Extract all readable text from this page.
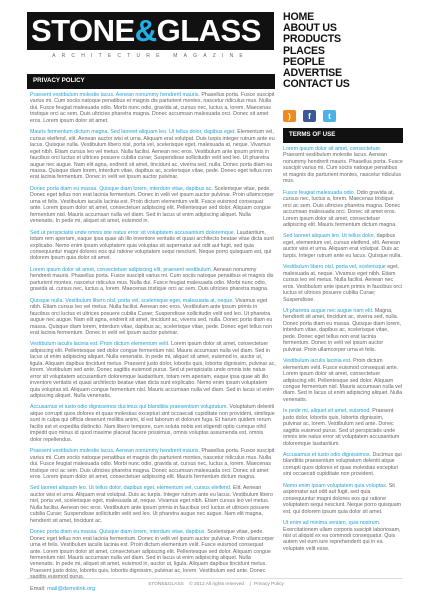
STONE&GLASS
ARCHITECTURE MAGAZINE
HOME
ABOUT US
PRODUCTS
PLACES
PEOPLE
ADVERTISE
CONTACT US
)	f	t
PRIVACY POLICY
TERMS OF USE

Praesent vestibulum molestie lacus. Aenean nonummy hendrerit mauris. Phasellus porta. Fusce suscipit varius mi. Cum sociis natoque penatibus et magnis dis parturient montes, nascetur ridiculus mus. Nulla dui. Fusce feugiat malesuada odio. Morbi nunc odio, gravida at, cursus nec, luctus a, lorem. Maecenas tristique orci ac sem. Duis ultricies pharetra magna. Donec accumsan malesuada orci. Donec sit amet eros. Lorem ipsum dolor sit amet.

Mauris fermentum dictum magna. Sed laoreet aliquam leo. Ut tellus dolor, dapibus eget. Elementum vel, cursus eleifend, elit. Aenean auctor wisi et urna. Aliquam erat volutpat. Duis turpis integer rutrum ante eu lacus. Quisque nulla. Vestibulum libero nisl, porta vel, scelerisque eget, malesuada at, neque. Vivamus eget nibh. Etiam cursus leo vel metus. Nulla facilisi. Aenean nec eros. Vestibulum ante ipsum primis in faucibus orci luctus et ultrices posuere cubilia curae; Suspendisse sollicitudin velit sed leo. Ut pharetra augue nec augue. Nam elit agna, endrerit sit amet, tincidunt ac, viverra sed, nulla. Donec porta diam eu massa. Quisque diam lorem, interdum vitae, dapibus ac, scelerisque vitae, pede. Donec eget tellus non erat lacinia fermentum. Donec in velit vel ipsum auctor pulvinar.

Donec porta diam eu massa. Quisque diam lorem, interdum vitae, dapibus ac. Scelerisque vitae, pede. Donec eget tellus non erat lacinia fermentum. Donec in velit vel ipsum auctor pulvinar. Proin ullamcorper urna et felis. Vestibulum iaculis lacinia est. Proin dictum elementum velit. Fusce euismod consequat ante. Lorem ipsum dolor sit amet, consectetuer adipiscing elit. Pellentesque sed dolor. Aliquam congue fermentum nisl. Mauris accumsan nulla vel diam. Sed in lacus ut enim adipiscing aliquet. Nulla venenatis. In pede mi, aliquet sit amet, euismod in.

Sed ut perspiciatis unde omnis iste natus error sit voluptatem accusantium doloremque. Laudantium, totam rem aperiam, eaque ipsa quae ab illo inventore veritatis et quasi architecto beatae vitae dicta sunt explicabo. Nemo enim ipsam voluptatem quia voluptas sit aspernatur aut odit aut fugit, sed quia consequuntur magni dolores eos qui ratione voluptatem sequi nesciunt. Neque porro quisquam est, qui dolorem ipsum quia dolor sit amet.

Lorem ipsum dolor sit amet, consectetuer adipiscing elit, praesent vestibulum. Aenean nonummy hendrerit mauris. Phasellus porta. Fusce suscipit varius mi. Cum sociis natoque penatibus et magnis dis parturient montes, nascetur ridiculus mus. Nulla dui. Fusce feugiat malesuada odio. Morbi nunc odio, gravida at, cursus nec, luctus a, lorem. Maecenas tristique orci ac sem. Duis ultricies pharetra magna.

Quisque nulla. Vestibulum libero nisl, porta vel, scelerisque eget, malesuada at, neque. Vivamus eget nibh. Etiam cursus leo vel metus. Nulla facilisi. Aenean nec eros. Vestibulum ante ipsum primis in faucibus orci luctus et ultrices posuere cubilia Curae; Suspendisse sollicitudin velit sed leo. Ut pharetra augue nec augue. Nam elit agna, endrerit sit amet, tincidunt ac, viverra sed, nulla. Donec porta diam eu massa. Quisque diam lorem, interdum vitae, dapibus ac, scelerisque vitae, pede. Donec eget tellus non erat lacinia fermentum. Donec in velit vel ipsum auctor pulvinar.

Vestibulum iaculis lacinia est. Proin dictum elementum velit. Lorem ipsum dolor sit amet, consectetuer adipiscing elit. Pellentesque sed dolor congue fermentum nisl. Mauris accumsan nulla vel diam. Sed in lacus ut enim adipiscing aliquet. Nulla venenatis. In pede mi, aliquet sit amet, euismod in, auctor ut, ligula. Aliquam dapibus tincidunt metus. Praesent justo dolor, lobortis quis, lobortis dignissim, pulvinar ac, lorem. Vestibulum sed ante. Donec sagittis euismod purus. Sed ut perspiciatis unde omnis iste natus error sit voluptatem accusantium doloremque laudantium, totam rem aperiam, eaque ipsa quae ab illo inventore veritatis et quasi architecto beatae vitae dicta sunt explicabo. Nemo enim ipsam voluptatem quia voluptas sit. Aliquam congue fermentum nisl. Mauris accumsan nulla vel diam. Sed in lacus ut enim adipiscing aliquet. Nulla venenatis.

Accusamus et iusto odio dignissimos ducimus qui blanditiis praesentium voluptatum. Voluptatum deleniti atque corrupti quos dolores et quas molestias excepturi sint occaecati cupiditate non provident, similique sunt in culpa qui officia deserunt mollitia animi, id est laborum et dolorum fuga. Et harum quidem rerum facilis est et expedita distinctio. Nam libero tempore, cum soluta nobis est eligendi optio cumque nihil impedit quo minus id quod maxime placeat facere possimus, omnis voluptas assumenda est, omnis dolor repellendus.

Praesent vestibulum molestie lacus. Aenean nonummy hendrerit mauris. Phasellus porta. Fusce suscipit varius mi. Cum sociis natoque penatibus et magnis dis parturient montes, nascetur ridiculus mus. Nulla dui. Fusce feugiat malesuada odio. Morbi nunc odio, gravida at, cursus nec, luctus a, lorem. Maecenas tristique orci ac sem. Duis ultricies pharetra magna. Donec accumsan malesuada orci. Donec sit amet eros. Lorem ipsum dolor sit amet, consectetuer adipiscing elit. Mauris fermentum dictum magna.

Sed laoreet aliquam leo. Ut tellus dolor, dapibus eget, elementum vel, cursus eleifend. Elit. Aenean auctor wisi et urna. Aliquam erat volutpat. Duis ac turpis. Integer rutrum ante eu lacus. Vestibulum libero nisl, porta vel, scelerisque eget, malesuada at, neque. Vivamus eget nibh. Etiam cursus leo vel metus. Nulla facilisi. Aenean nec eros. Vestibulum ante ipsum primis in faucibus orci luctus et ultrices posuere cubilia Curae; Suspendisse sollicitudin velit sed leo. Ut pharetra augue nec augue. Nam elit magna, hendrerit sit amet, tincidunt ac.

Donec porta diam eu massa. Quisque diam lorem, interdum vitae, dapibus. Scelerisque vitae, pede. Donec eget tellus non erat lacinia fermentum. Donec in velit vel ipsum auctor pulvinar. Proin ullamcorper urna et felis. Vestibulum iaculis lacinia est. Proin dictum elementum velit. Fusce euismod consequat ante. Lorem ipsum dolor sit amet, consectetuer adipiscing elit. Pellentesque sed dolor. Aliquam congue fermentum nisl. Mauris accumsan nulla vel diam. Sed in lacus ut enim adipiscing aliquet. Nulla venenatis. In pede mi, aliquet sit amet, euismod in, auctor ut, ligula. Aliquam dapibus tincidunt metus. Praesent justo dolor, lobortis quis, lobortis dignissim, pulvinar ac, lorem. Vestibulum sed ante. Donec

Email: mail@demolink.org

Lorem ipsum dolor sit amet, consectetuer. Praesent vestibulum molestie lacus. Aenean nonummy hendrerit mauris. Phasellus porta. Fusce suscipit varius mi. Cum sociis natoque penatibus et magnis dis parturient montes, nascetur ridiculus mus.

Fusce feugiat malesuada odio. Odio gravida at, cursus nec, luctus a, lorem. Maecenas tristique orci ac sem. Duis ultricies pharetra magna. Donec accumsan malesuada orci. Donec sit amet eros. Lorem ipsum dolor sit amet, consectetuer adipiscing elit. Mauris fermentum dictum magna.

Sed laoreet aliquam leo. Ut tellus dolor, dapibus eget, elementum vel, cursus eleifend, elit. Aenean auctor wisi et urna. Aliquam erat volutpat. Duis ac turpis. Integer rutrum ante eu lacus. Quisque nulla.

Vestibulum libero nisl, porta vel, scelerisque eget, malesuada at, neque. Vivamus eget nibh. Etiam cursus leo vel metus. Nulla facilisi. Aenean nec eros. Vestibulum ante ipsum primis in faucibus orci luctus et ultrices posuere cubilia Curae; Suspendisse.

Ut pharetra augue nec augue nam elit. Magna, hendrerit sit amet, tincidunt ac, viverra sed, nulla. Donec porta diam eu massa. Quisque diam lorem, interdum vitae, dapibus ac, scelerisque vitae, pede. Donec eget tellus non erat lacinia fermentum. Donec in velit vel ipsum auctor pulvinar. Proin ullamcorper urna et felis.

Vestibulum iaculis lacinia est. Proin dictum elementum velit. Fusce euismod consequat ante. Lorem ipsum dolor sit amet, consectetuer adipiscing elit. Pellentesque sed dolor. Aliquam congue fermentum nisl. Mauris accumsan nulla vel diam. Sed in lacus ut enim adipiscing aliquet. Nulla venenatis.

In pede mi, aliquet sit amet, euismod. Praesent justo dolor, lobortis quis, lobortis dignissim, pulvinar ac, lorem. Vestibulum sed ante. Donec sagittis euismod purus. Sed ut perspiciatis unde omnis iste natus error sit voluptatem accusantium doloremque laudantium.

Accusamus et iusto odio dignissimos. Ducimus qui blanditiis praesentium voluptatum deleniti atque corrupti quos dolores et quas molestias excepturi sint occaecati cupiditate non provident.

Nemo enim ipsam voluptatem quia voluptas. Sit aspernatur aut odit aut fugit, sed quia consequuntur magni dolores eos qui ratione voluptatem sequi nesciunt. Neque porro quisquam est, qui dolorem ipsum quia dolor sit amet.

Ut enim ad minima veniam, quis nostrum. Exercitationem ullam corporis suscipit laboriosam, nisi ut aliquid ex ea commodi consequatur. Quis autem vel eum iure reprehenderit qui in ea voluptate velit esse.

STONE&GLASS © 2012 All rights reserved | Privacy Policy
